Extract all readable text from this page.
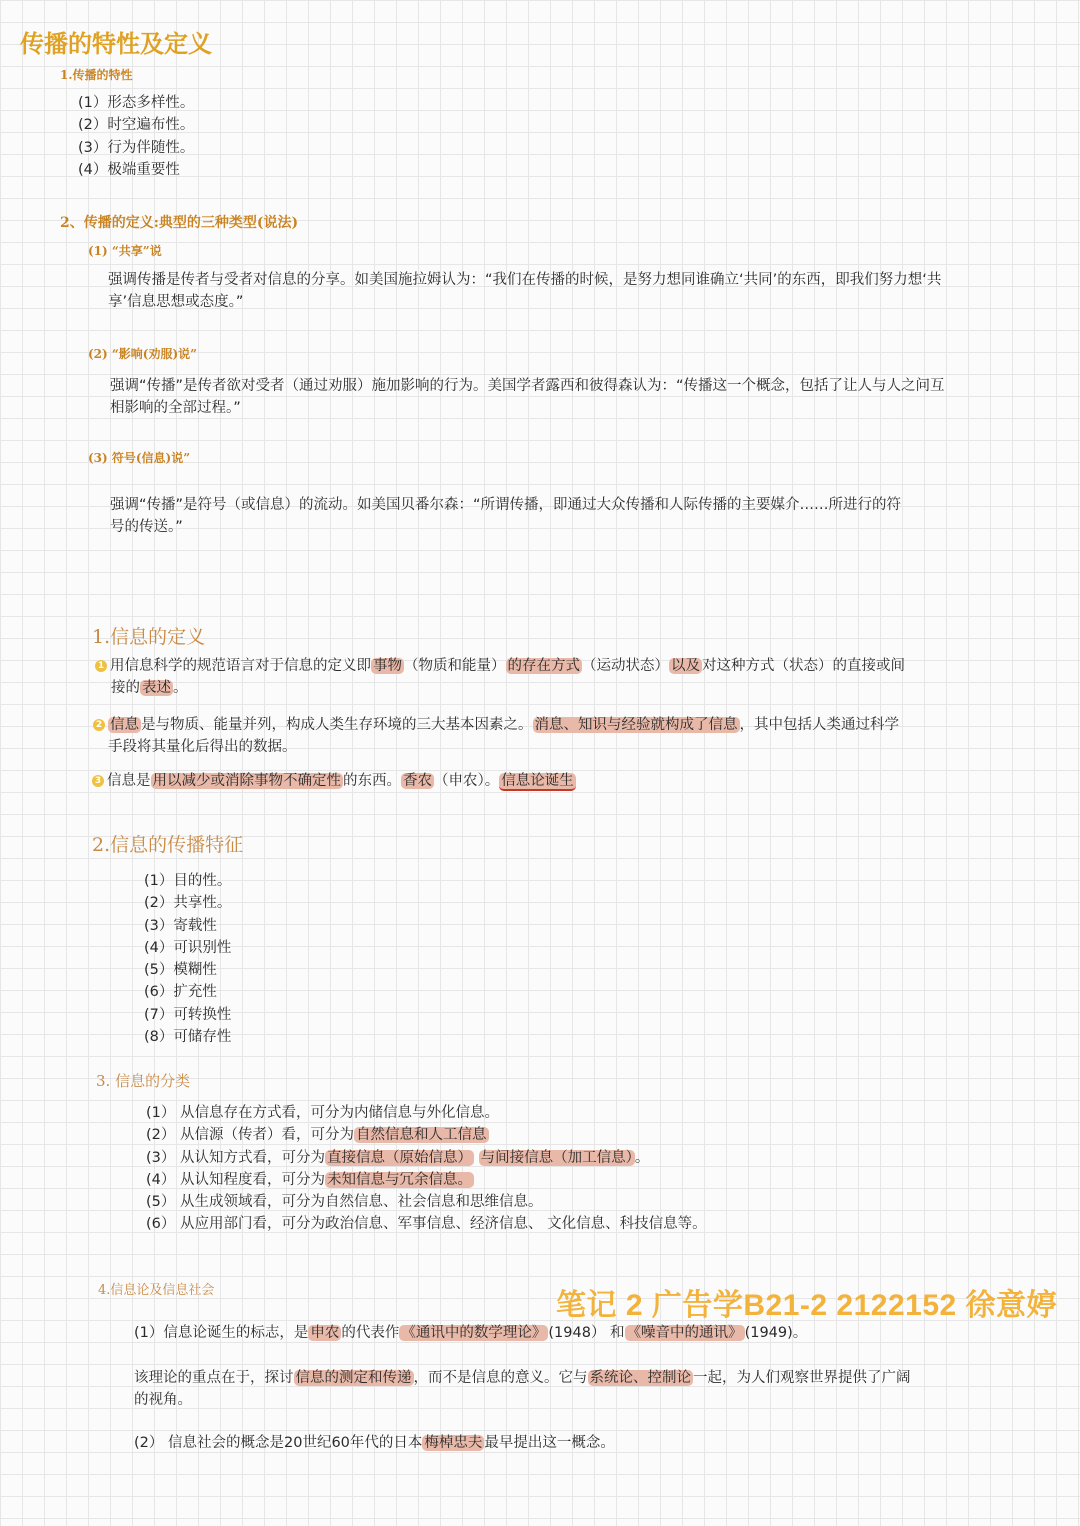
传播的特性及定义
1.传播的特性
(1）形态多样性。
(2）时空遍布性。
(3）行为伴随性。
(4）极端重要性
2、传播的定义:典型的三种类型(说法)
(1) “共享”说
强调传播是传者与受者对信息的分享。如美国施拉姆认为：“我们在传播的时候，是努力想同谁确立‘共同’的东西，即我们努力想‘共
享’信息思想或态度。”
(2) “影响(劝服)说”
强调“传播”是传者欲对受者（通过劝服）施加影响的行为。美国学者露西和彼得森认为：“传播这一个概念，包括了让人与人之问互
相影响的全部过程。”
(3) 符号(信息)说”
强调“传播”是符号（或信息）的流动。如美国贝番尔森：“所谓传播，即通过大众传播和人际传播的主要媒介……所进行的符
号的传送。”
1.信息的定义
1 用信息科学的规范语言对于信息的定义即 事物 （物质和能量） 的存在方式 （运动状态） 以及 对这种方式（状态）的直接或间
接的 表述 。
2 信息 是与物质、能量并列，构成人类生存环境的三大基本因素之。 消息、知识与经验就构成了信息 ，其中包括人类通过科学
手段将其量化后得出的数据。
3 信息是 用以减少或消除事物不确定性 的东西。 香农 （申农）。 信息论诞生
2.信息的传播特征
(1）目的性。
(2）共享性。
(3）寄载性
(4）可识别性
(5）模糊性
(6）扩充性
(7）可转换性
(8）可储存性
3. 信息的分类
(1） 从信息存在方式看，可分为内储信息与外化信息。
(2） 从信源（传者）看，可分为 自然信息和人工信息
(3） 从认知方式看，可分为 直接信息（原始信息） 与间接信息（加工信息） 。
(4） 从认知程度看，可分为 未知信息与冗余信息。
(5） 从生成领域看，可分为自然信息、社会信息和思维信息。
(6） 从应用部门看，可分为政治信息、军事信息、经济信息、 文化信息、科技信息等。
4.信息论及信息社会	笔记 2 广告学B21-2 2122152 徐意婷
(1）信息论诞生的标志，是 申农 的代表作 《通讯中的数学理论》 (1948） 和 《噪音中的通讯》 (1949)。
该理论的重点在于，探讨 信息的测定和传递 ，而不是信息的意义。它与 系统论、控制论 一起，为人们观察世界提供了广阔
的视角。
(2） 信息社会的概念是20世纪60年代的日本 梅棹忠夫 最早提出这一概念。
